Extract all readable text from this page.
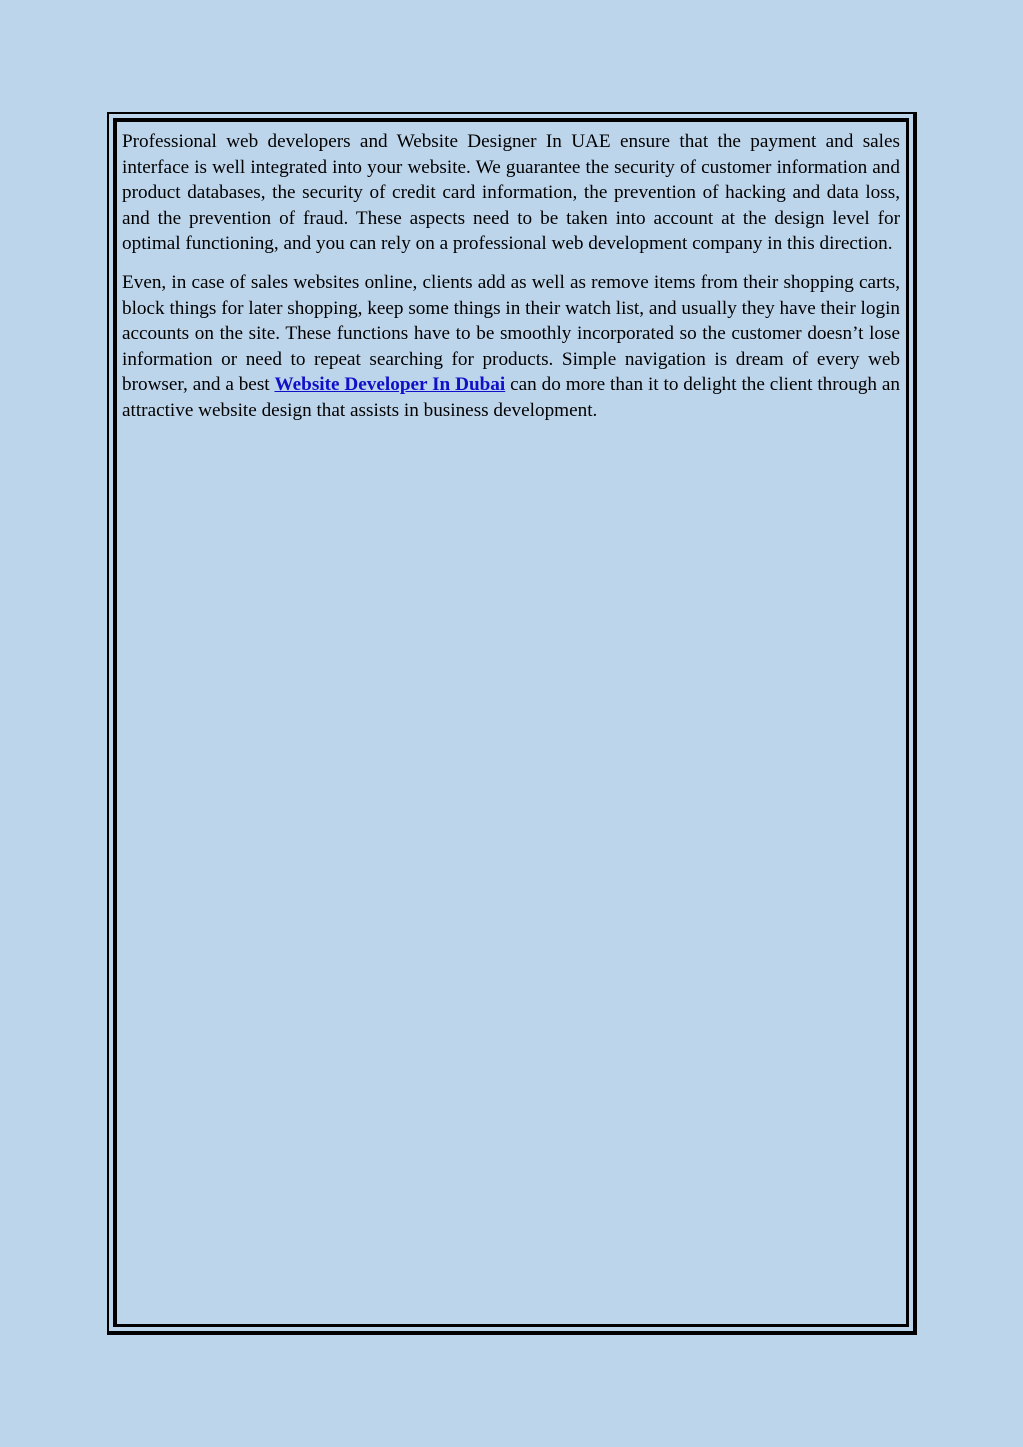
Professional web developers and Website Designer In UAE ensure that the payment and sales interface is well integrated into your website. We guarantee the security of customer information and product databases, the security of credit card information, the prevention of hacking and data loss, and the prevention of fraud. These aspects need to be taken into account at the design level for optimal functioning, and you can rely on a professional web development company in this direction.

Even, in case of sales websites online, clients add as well as remove items from their shopping carts, block things for later shopping, keep some things in their watch list, and usually they have their login accounts on the site. These functions have to be smoothly incorporated so the customer doesn’t lose information or need to repeat searching for products. Simple navigation is dream of every web browser, and a best Website Developer In Dubai can do more than it to delight the client through an attractive website design that assists in business development.
